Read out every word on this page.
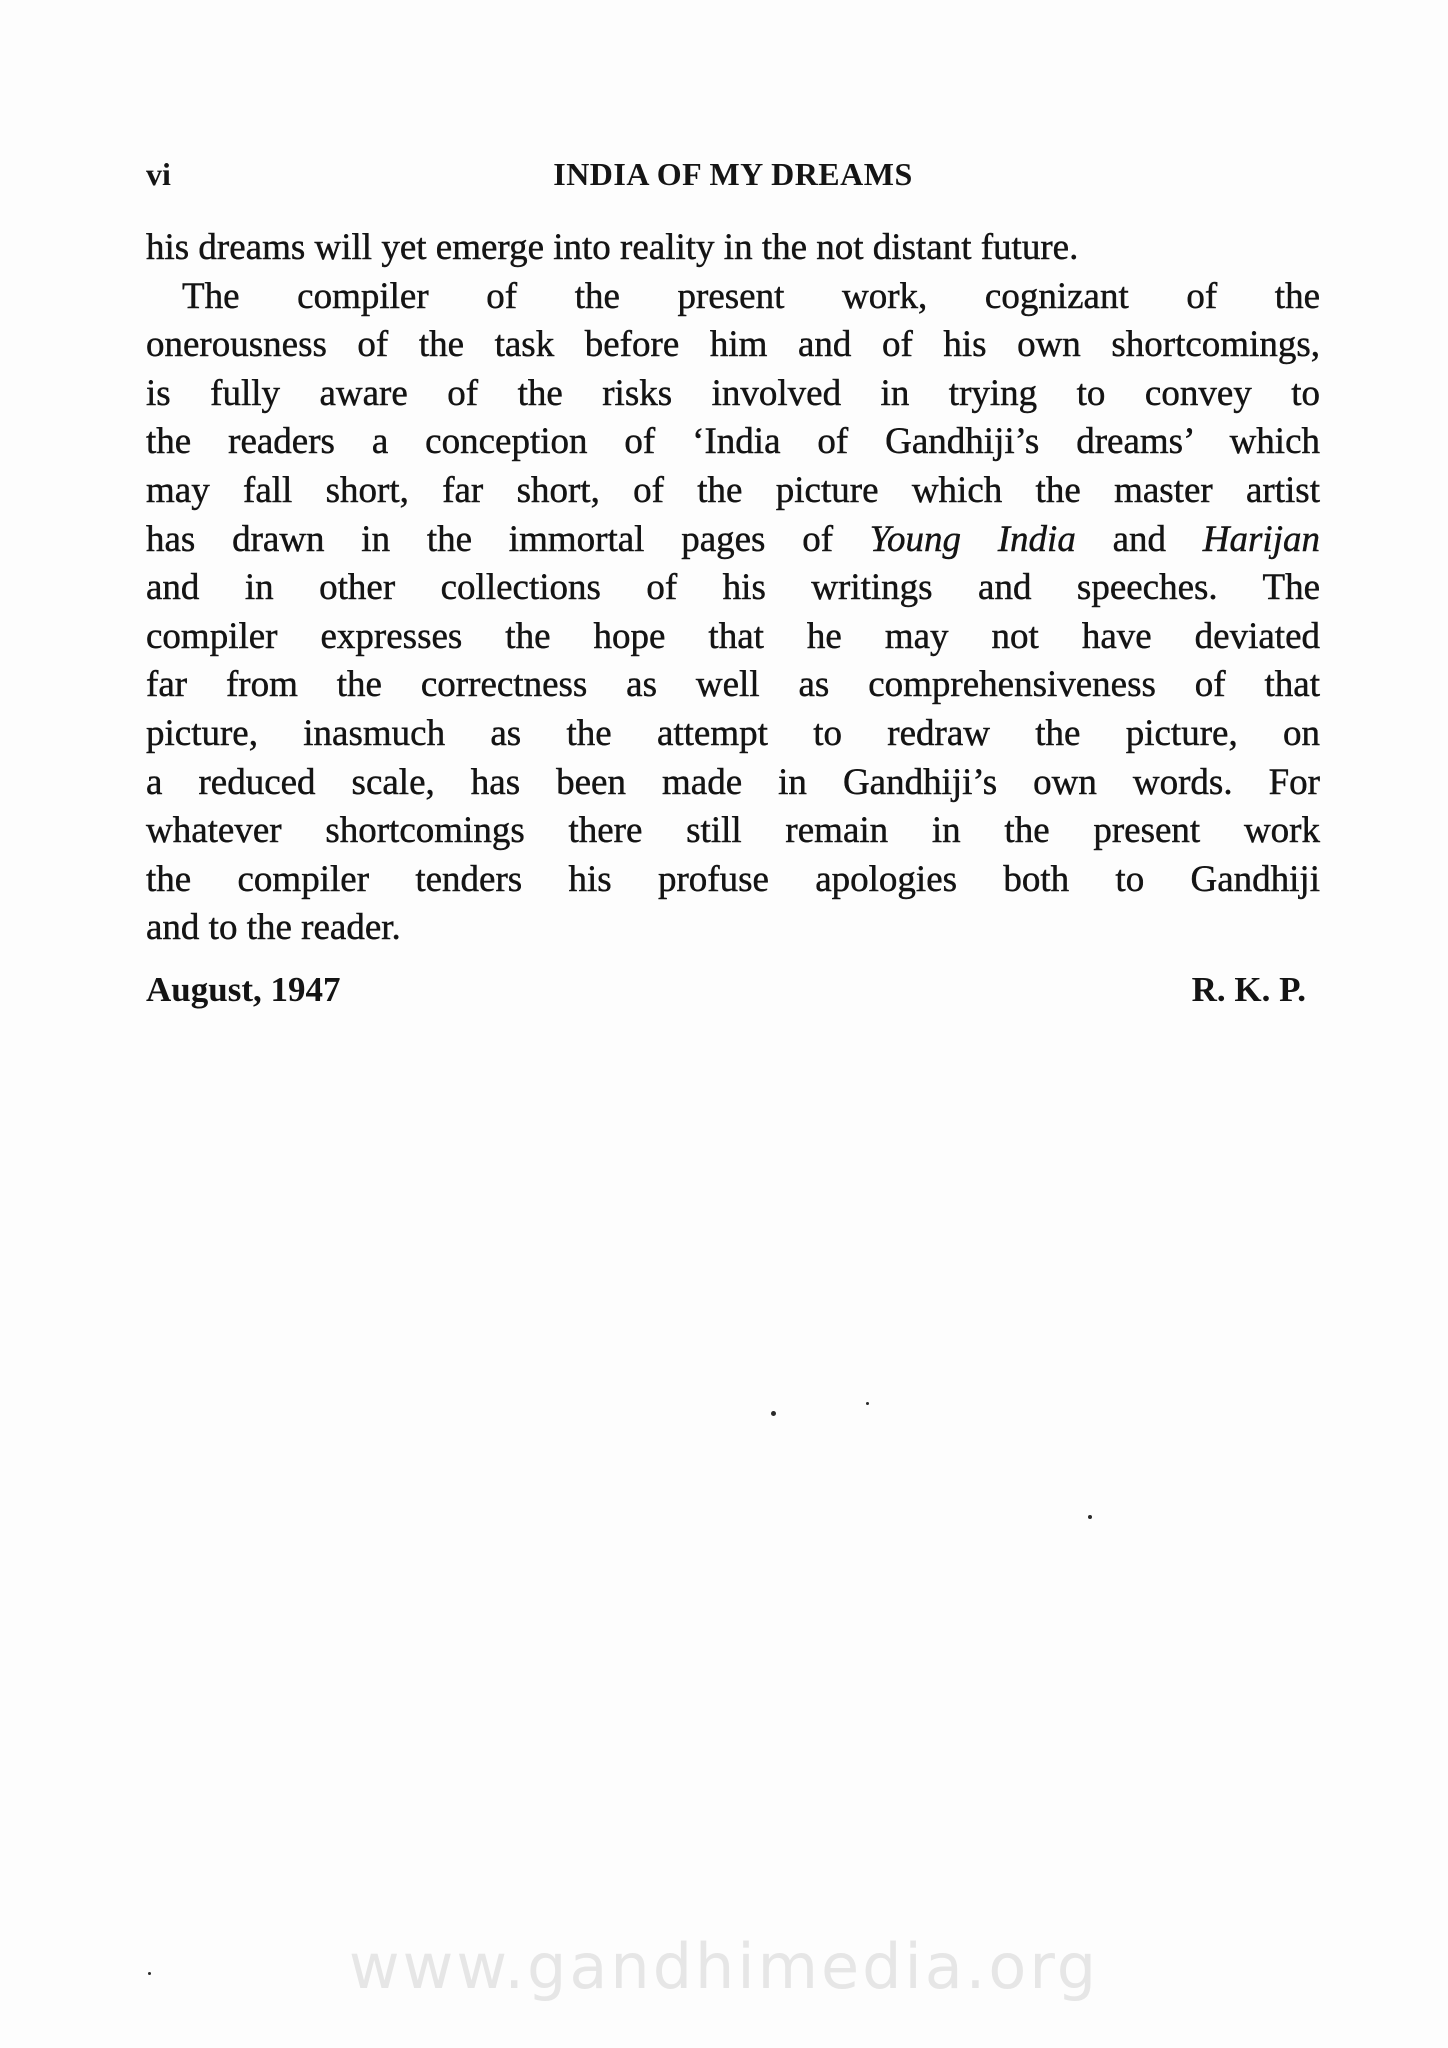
vi	INDIA OF MY DREAMS
his dreams will yet emerge into reality in the not distant future.
The compiler of the present work, cognizant of the
onerousness of the task before him and of his own shortcomings,
is fully aware of the risks involved in trying to convey to
the readers a conception of ‘India of Gandhiji’s dreams’ which
may fall short, far short, of the picture which the master artist
has drawn in the immortal pages of Young India and Harijan
and in other collections of his writings and speeches. The
compiler expresses the hope that he may not have deviated
far from the correctness as well as comprehensiveness of that
picture, inasmuch as the attempt to redraw the picture, on
a reduced scale, has been made in Gandhiji’s own words. For
whatever shortcomings there still remain in the present work
the compiler tenders his profuse apologies both to Gandhiji
and to the reader.
August, 1947	R. K. P.
www.gandhimedia.org
